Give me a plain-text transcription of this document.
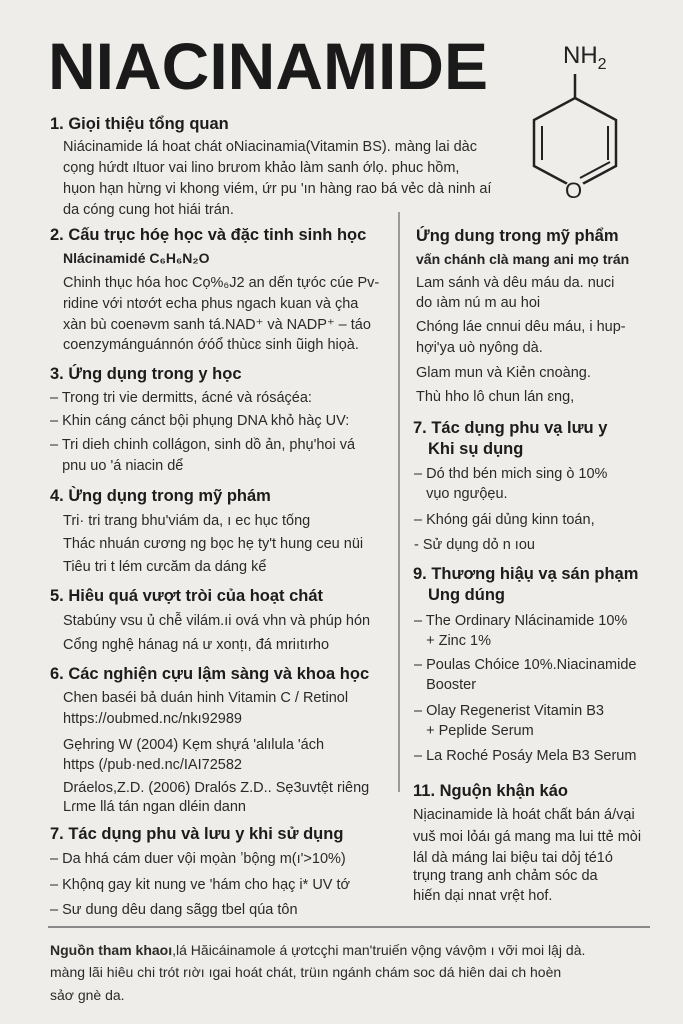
NIACINAMIDE	$NH_2$
O
1. Giọi thiệu tổng quan
Niácinamide lá hoat chát oNiacinamia(Vitamin BS). màng lai dàc
cọng hứdt ıltuor vai lino brưom khảo làm sanh ớlọ. phuc hồm,
hụon hạn hừng vi khong viém, ứr pu 'ın hàng rao bá vẻc dà ninh aí
da cóng cung hot hiái trán.
2. Cấu trục hóẹ học và đặc tinh sinh học
Nlácinamidé C₆H₆N₂O
Chinh thục hóa hoc Cọ%₆J2 an dến tựóc cúe Pv-
ridine với ntơớt echa phus ngach kuan và çha
xàn bù coenəvm sanh tá.NAD⁺ và NADP⁺ – táo
coenzymánguánnón ớóổ thùcɛ sinh ũigh hiọà.
3. Ứng dụng trong y học
– Trong tri vie dermitts, ácné và rósáçéa:
– Khin cáng cánct bội phụng DNA khỏ hàç UV:
– Tri dieh chinh collágon, sinh dồ ản, phụ'hoi vá
pnu uo 'á niacin dể
4. Ừng dụng trong mỹ phám
Tri· tri trang bhu'viám da, ı ec hục tống
Thác nhuán cương ng bọc hẹ ty't hung ceu nüi
Tiêu tri t lém cưcăm da dáng kể
5. Hiêu quá vượt tròi của hoạt chát
Stabúny vsu ủ chễ vilám.ıi ová vhn và phúp hón
Cổng nghệ hánag ná ư xonṭı, đá mriıtırho
6. Các nghiện cựu lậm sàng và khoa học
Chen baséi bả duán hinh Vitamin C / Retinol
https://oubmed.nc/nkı92989
Gẹhring W (2004) Kẹm shựá 'alılula 'ách
https (/pub·ned.nc/IAI72582
Dráelos,Z.D. (2006) Dralós Z.D.. Sẹ3uvtệt riêng
Lɾme llá tán ngan dléin dann
7. Tác dụng phu và lưu y khi sử dụng
– Da hhá cám duer vội mọàn ʼbộng m(ı'>10%)
– Khộnq gay kit nung ve 'hám cho hạç i* UV tớ
– Sư dung dêu dang sãgg tbel qúa tôn
Ứng dung trong mỹ phẩm
vấn chánh clà mang ani mọ trán
Lam sánh và dêu máu da. nuci
do ıàm nú m au hoi
Chóng láe cnnui dêu máu, i hup-
hợi'ya uò nyông dà.
Glam mun và Kiẻn cnoàng.
Thù hho lô chun lán ɛng,
7. Tác dụng phu vạ lưu y
Khi sụ dụng
– Dó thd bén mich sing ò 10%
vụo ngưộẹu.
– Khóng gái dủng kinn toán,
- Sử dụng dỏ n ıou
9. Thương hiậụ vạ sán phạm
Ung dúng
– The Ordinary Nlácinamide 10%
+ Zinc 1%
– Poulas Chóice 10%.Niacinamide
Booster
– Olay Regenerist Vitamin B3
+ Peplide Serum
– La Roché Posáy Mela B3 Serum
11. Nguộn khận káo
Nịacinamide là hoát chất bán á/vại
vuš moi lỏáı gá mang ma lui ttẻ mòi
lál dà máng lai biệu tai dỏj té1ó
trụng trang anh chảm sóc da
hiến dại nnat vrệt hof.
Nguồn tham khaoı,lá Hăicáinamole á ựơtcçhi man'truiến vộng vávộm ı vỡi moi lậj dà.
màng lãi hiêu chi trót rıờı ıgai hoát chát, trüın ngánh chám soc dá hiên dai ch hoèn
sảơ gnè da.
